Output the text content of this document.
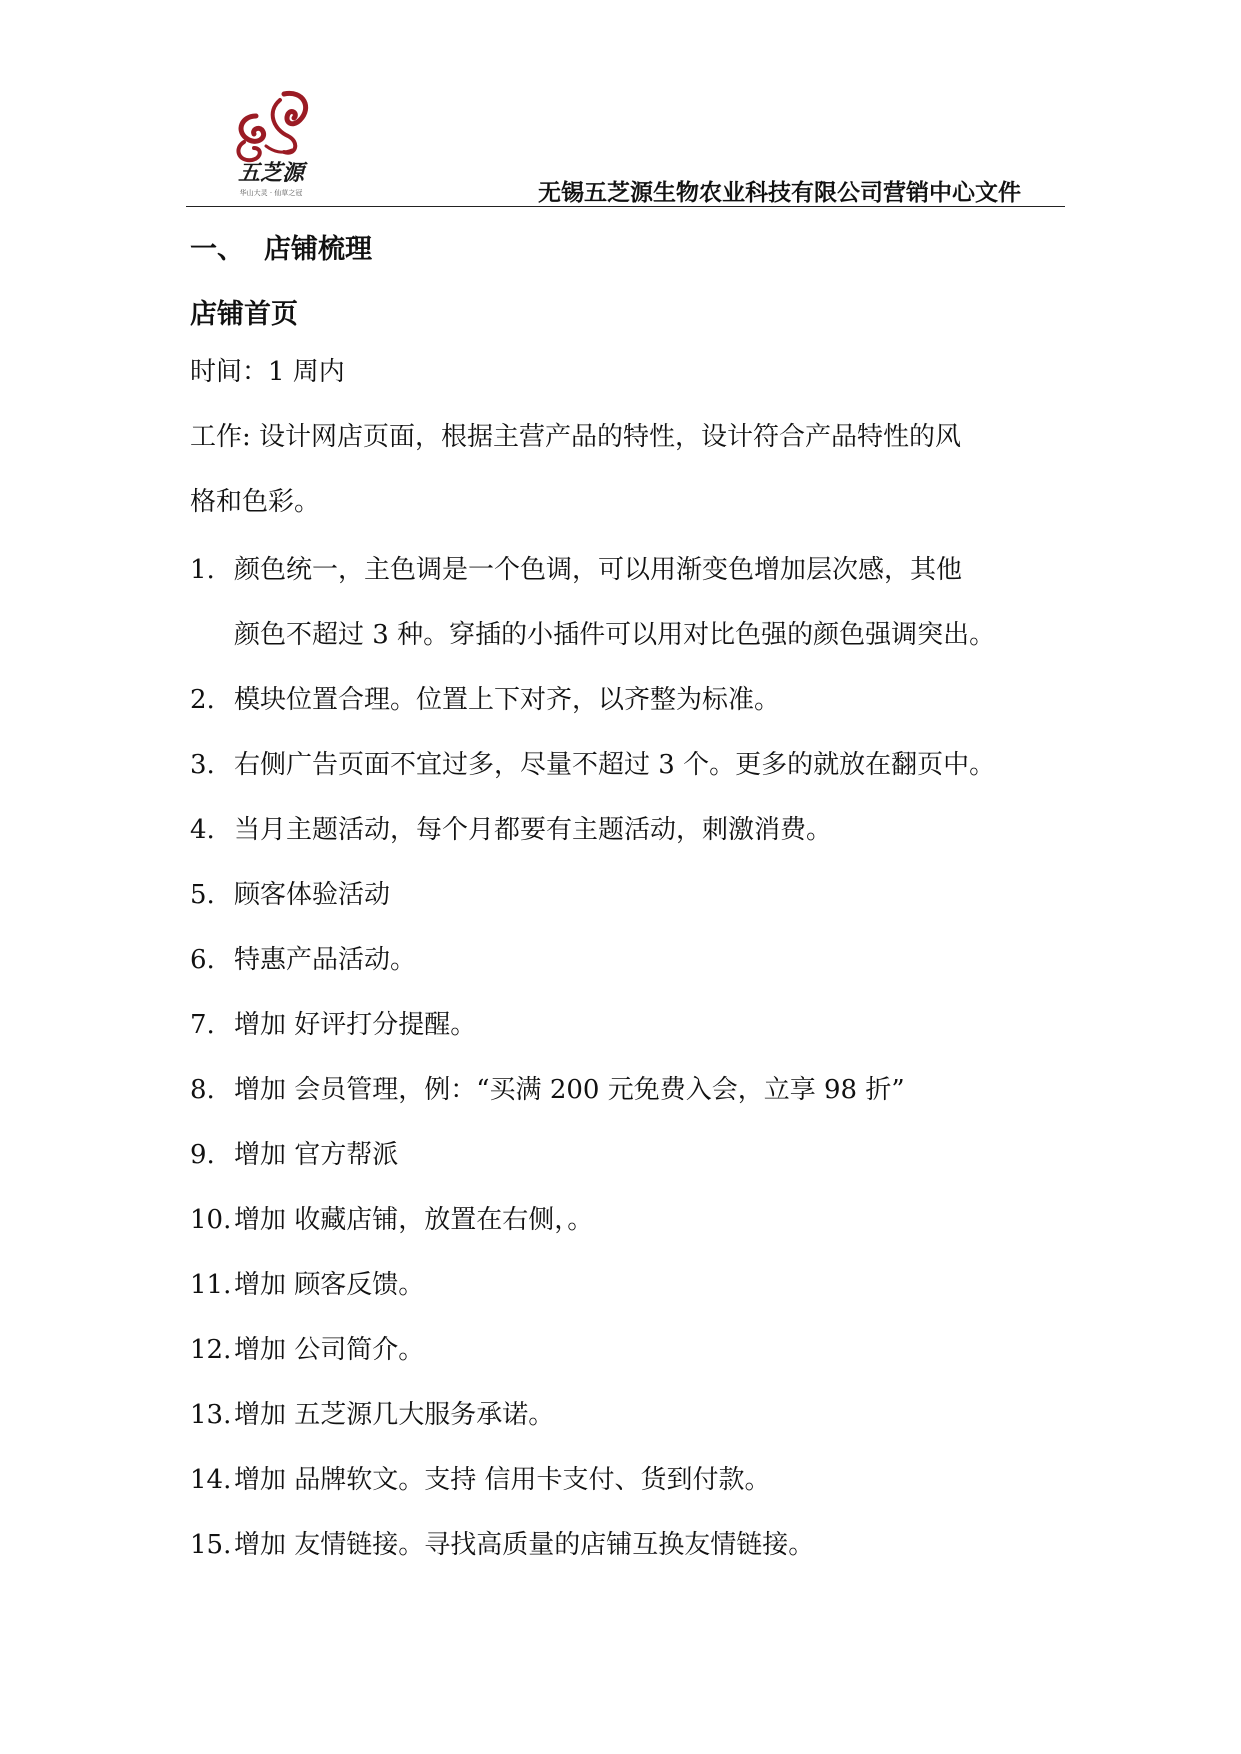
五芝源
华山大灵 · 仙草之冠	无锡五芝源生物农业科技有限公司营销中心文件
一、 店铺梳理
店铺首页
时间：1 周内
工作: 设计网店页面，根据主营产品的特性，设计符合产品特性的风
格和色彩。
1. 颜色统一，主色调是一个色调，可以用渐变色增加层次感，其他
颜色不超过 3 种。穿插的小插件可以用对比色强的颜色强调突出。
2. 模块位置合理。位置上下对齐，以齐整为标准。
3. 右侧广告页面不宜过多，尽量不超过 3 个。更多的就放在翻页中。
4. 当月主题活动，每个月都要有主题活动，刺激消费。
5. 顾客体验活动
6. 特惠产品活动。
7. 增加 好评打分提醒。
8. 增加 会员管理，例：“买满 200 元免费入会，立享 98 折”
9. 增加 官方帮派
10. 增加 收藏店铺，放置在右侧，。
11. 增加 顾客反馈。
12. 增加 公司简介。
13. 增加 五芝源几大服务承诺。
14. 增加 品牌软文。支持 信用卡支付、货到付款。
15. 增加 友情链接。寻找高质量的店铺互换友情链接。
